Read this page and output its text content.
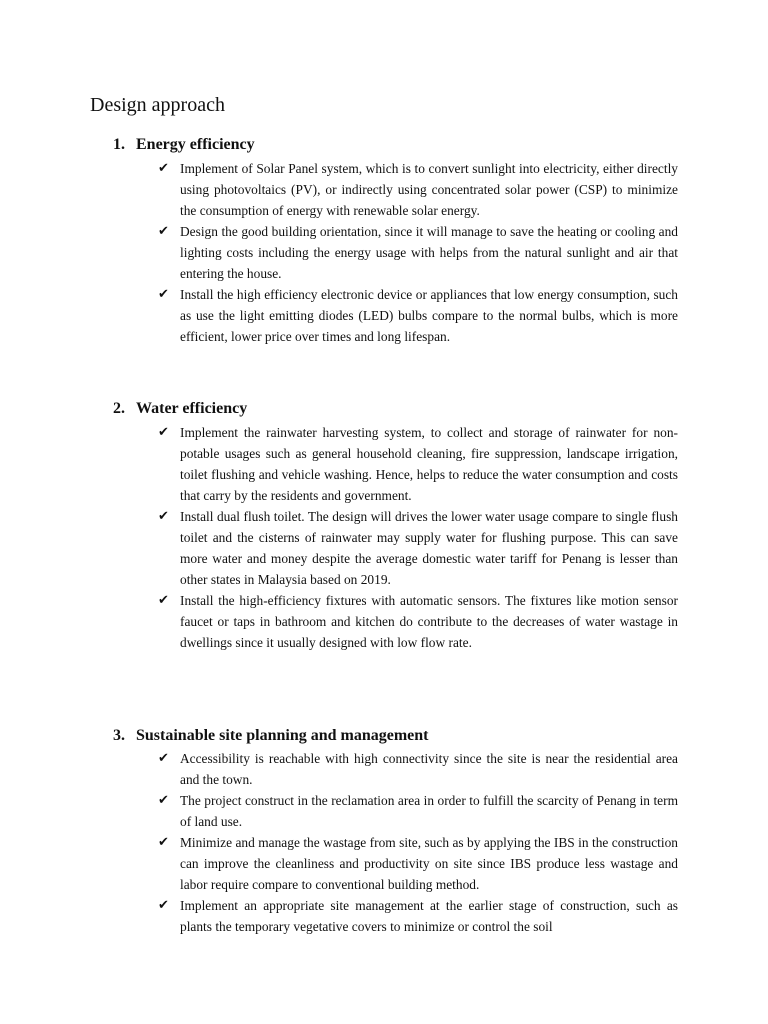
Design approach
1. Energy efficiency
✔ Implement of Solar Panel system, which is to convert sunlight into electricity, either directly using photovoltaics (PV), or indirectly using concentrated solar power (CSP) to minimize the consumption of energy with renewable solar energy.
✔ Design the good building orientation, since it will manage to save the heating or cooling and lighting costs including the energy usage with helps from the natural sunlight and air that entering the house.
✔ Install the high efficiency electronic device or appliances that low energy consumption, such as use the light emitting diodes (LED) bulbs compare to the normal bulbs, which is more efficient, lower price over times and long lifespan.
2. Water efficiency
✔ Implement the rainwater harvesting system, to collect and storage of rainwater for non-potable usages such as general household cleaning, fire suppression, landscape irrigation, toilet flushing and vehicle washing. Hence, helps to reduce the water consumption and costs that carry by the residents and government.
✔ Install dual flush toilet. The design will drives the lower water usage compare to single flush toilet and the cisterns of rainwater may supply water for flushing purpose. This can save more water and money despite the average domestic water tariff for Penang is lesser than other states in Malaysia based on 2019.
✔ Install the high-efficiency fixtures with automatic sensors. The fixtures like motion sensor faucet or taps in bathroom and kitchen do contribute to the decreases of water wastage in dwellings since it usually designed with low flow rate.
3. Sustainable site planning and management
✔ Accessibility is reachable with high connectivity since the site is near the residential area and the town.
✔ The project construct in the reclamation area in order to fulfill the scarcity of Penang in term of land use.
✔ Minimize and manage the wastage from site, such as by applying the IBS in the construction can improve the cleanliness and productivity on site since IBS produce less wastage and labor require compare to conventional building method.
✔ Implement an appropriate site management at the earlier stage of construction, such as plants the temporary vegetative covers to minimize or control the soil
